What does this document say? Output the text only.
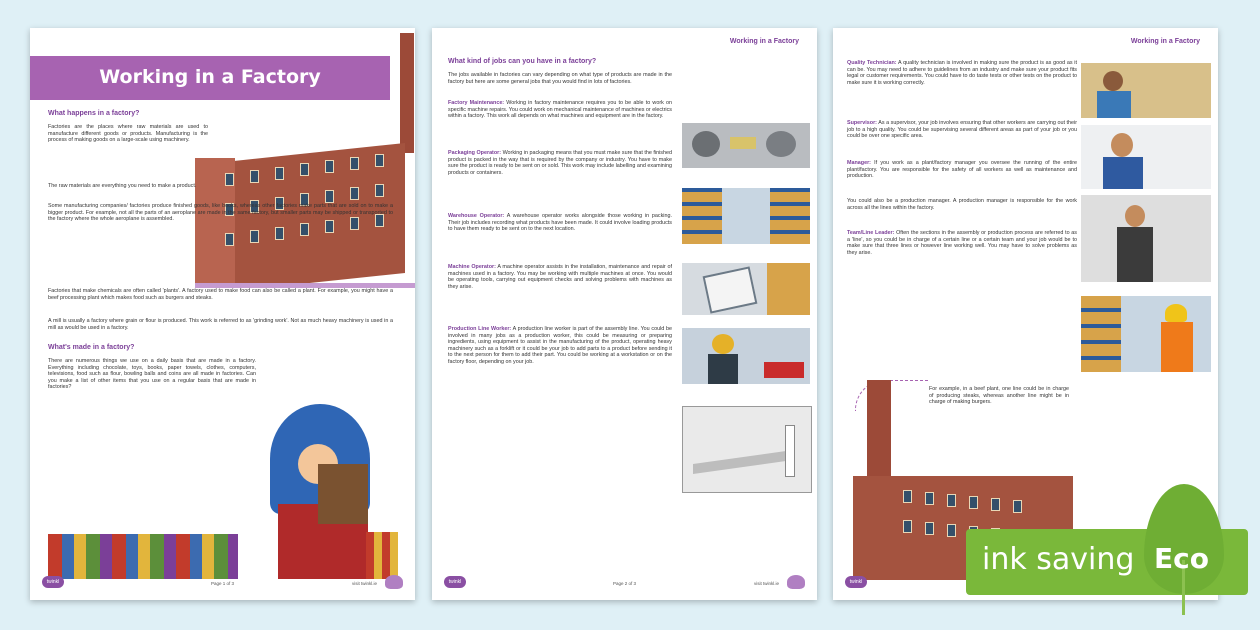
Working in a Factory
What happens in a factory?
Factories are the places where raw materials are used to manufacture different goods or products. Manufacturing is the process of making goods on a large-scale using machinery.
The raw materials are everything you need to make a product.
Some manufacturing companies/ factories produce finished goods, like books, whereas other factories make parts that are sold on to make a bigger product. For example, not all the parts of an aeroplane are made in the same factory, but smaller parts may be shipped or transported to the factory where the whole aeroplane is assembled.
Factories that make chemicals are often called 'plants'. A factory used to make food can also be called a plant. For example, you might have a beef processing plant which makes food such as burgers and steaks.
A mill is usually a factory where grain or flour is produced. This work is referred to as 'grinding work'. Not as much heavy machinery is used in a mill as would be used in a factory.
What's made in a factory?
There are numerous things we use on a daily basis that are made in a factory. Everything including chocolate, toys, books, paper towels, clothes, computers, televisions, food such as flour, bowling balls and coins are all made in factories. Can you make a list of other items that you use on a regular basis that are made in factories?
twinkl	Page 1 of 3	visit twinkl.ie
Working in a Factory
What kind of jobs can you have in a factory?
The jobs available in factories can vary depending on what type of products are made in the factory but here are some general jobs that you would find in lots of factories.
Factory Maintenance: Working in factory maintenance requires you to be able to work on specific machine repairs. You could work on mechanical maintenance of machines or electrics within a factory. This work all depends on what machines and equipment are in the factory.
Packaging Operator: Working in packaging means that you must make sure that the finished product is packed in the way that is required by the company or industry. You have to make sure the product is ready to be sent on or sold. This work may include labelling and examining products or containers.
Warehouse Operator: A warehouse operator works alongside those working in packing. Their job includes recording what products have been made. It could involve loading products to have them ready to be sent on to the next location.
Machine Operator: A machine operator assists in the installation, maintenance and repair of machines used in a factory. You may be working with multiple machines at once. You would be operating tools, carrying out equipment checks and solving problems with machines as they arise.
Production Line Worker: A production line worker is part of the assembly line. You could be involved in many jobs as a production worker, this could be measuring or preparing ingredients, using equipment to assist in the manufacturing of the product, operating heavy machinery such as a forklift or it could be your job to add parts to a product before sending it to the next person for them to add their part. You could be working at a workstation or on the factory floor, depending on your job.
twinkl	Page 2 of 3	visit twinkl.ie
Working in a Factory
Quality Technician: A quality technician is involved in making sure the product is as good as it can be. You may need to adhere to guidelines from an industry and make sure your product fits legal or customer requirements. You could have to do taste tests or other tests on the product to make sure it is working correctly.
Supervisor: As a supervisor, your job involves ensuring that other workers are carrying out their job to a high quality. You could be supervising several different areas as part of your job or you could be over one specific area.
Manager: If you work as a plant/factory manager you oversee the running of the entire plant/factory. You are responsible for the safety of all workers as well as maintenance and production.
You could also be a production manager. A production manager is responsible for the work across all the lines within the factory.
Team/Line Leader: Often the sections in the assembly or production process are referred to as a 'line', so you could be in charge of a certain line or a certain team and your job would be to make sure that three lines or however line working well. You may have to solve problems as they arise.
For example, in a beef plant, one line could be in charge of producing steaks, whereas another line might be in charge of making burgers.
twinkl
ink saving Eco
